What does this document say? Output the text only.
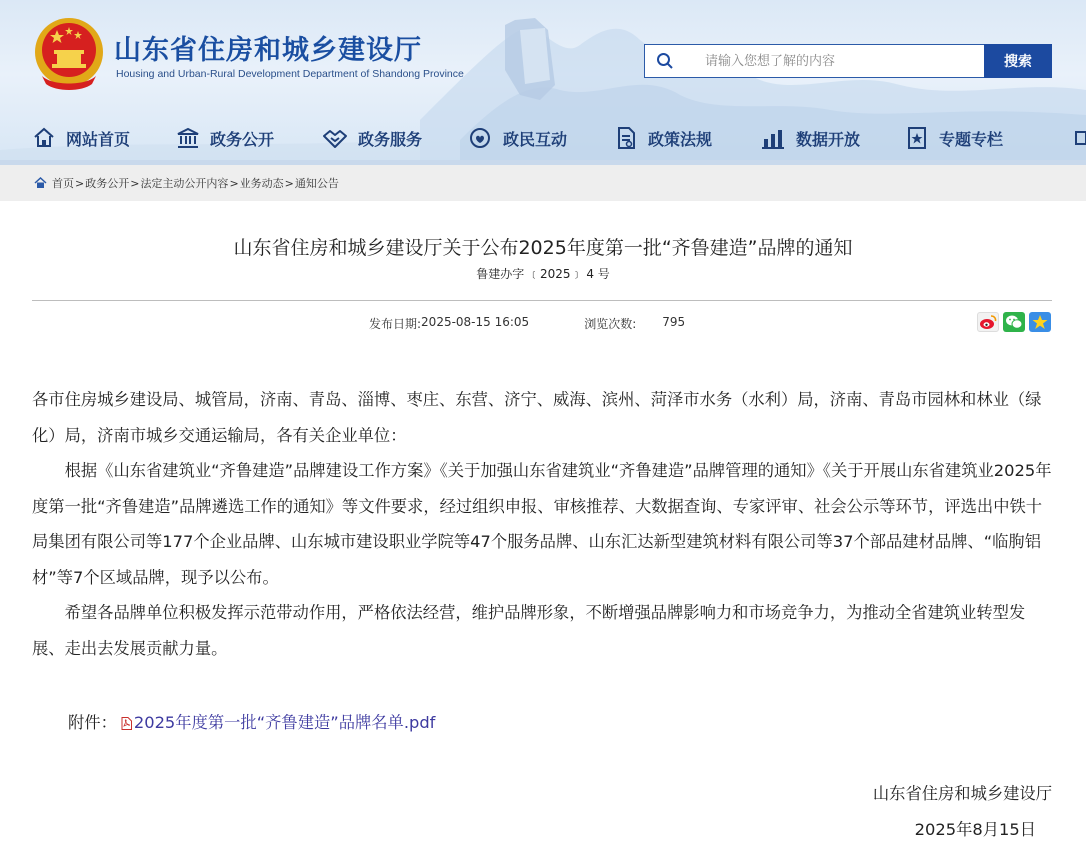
山东省住房和城乡建设厅
Housing and Urban-Rural Development Department of Shandong Province
请输入您想了解的内容
搜索
网站首页	政务公开	政务服务	政民互动	政策法规	数据开放	专题专栏
首页 > 政务公开 > 法定主动公开内容 > 业务动态 > 通知公告
山东省住房和城乡建设厅关于公布2025年度第一批“齐鲁建造”品牌的通知
鲁建办字 ﹝2025﹞ 4 号
发布日期: 2025-08-15 16:05	浏览次数: 795

各市住房城乡建设局、城管局，济南、青岛、淄博、枣庄、东营、济宁、威海、滨州、菏泽市水务（水利）局，济南、青岛市园林和林业（绿化）局，济南市城乡交通运输局，各有关企业单位：

根据《山东省建筑业“齐鲁建造”品牌建设工作方案》《关于加强山东省建筑业“齐鲁建造”品牌管理的通知》《关于开展山东省建筑业2025年度第一批“齐鲁建造”品牌遴选工作的通知》等文件要求，经过组织申报、审核推荐、大数据查询、专家评审、社会公示等环节，评选出中铁十局集团有限公司等177个企业品牌、山东城市建设职业学院等47个服务品牌、山东汇达新型建筑材料有限公司等37个部品建材品牌、“临朐铝材”等7个区域品牌，现予以公布。

希望各品牌单位积极发挥示范带动作用，严格依法经营，维护品牌形象，不断增强品牌影响力和市场竞争力，为推动全省建筑业转型发展、走出去发展贡献力量。

附件： 2025年度第一批“齐鲁建造”品牌名单.pdf
山东省住房和城乡建设厅
2025年8月15日
